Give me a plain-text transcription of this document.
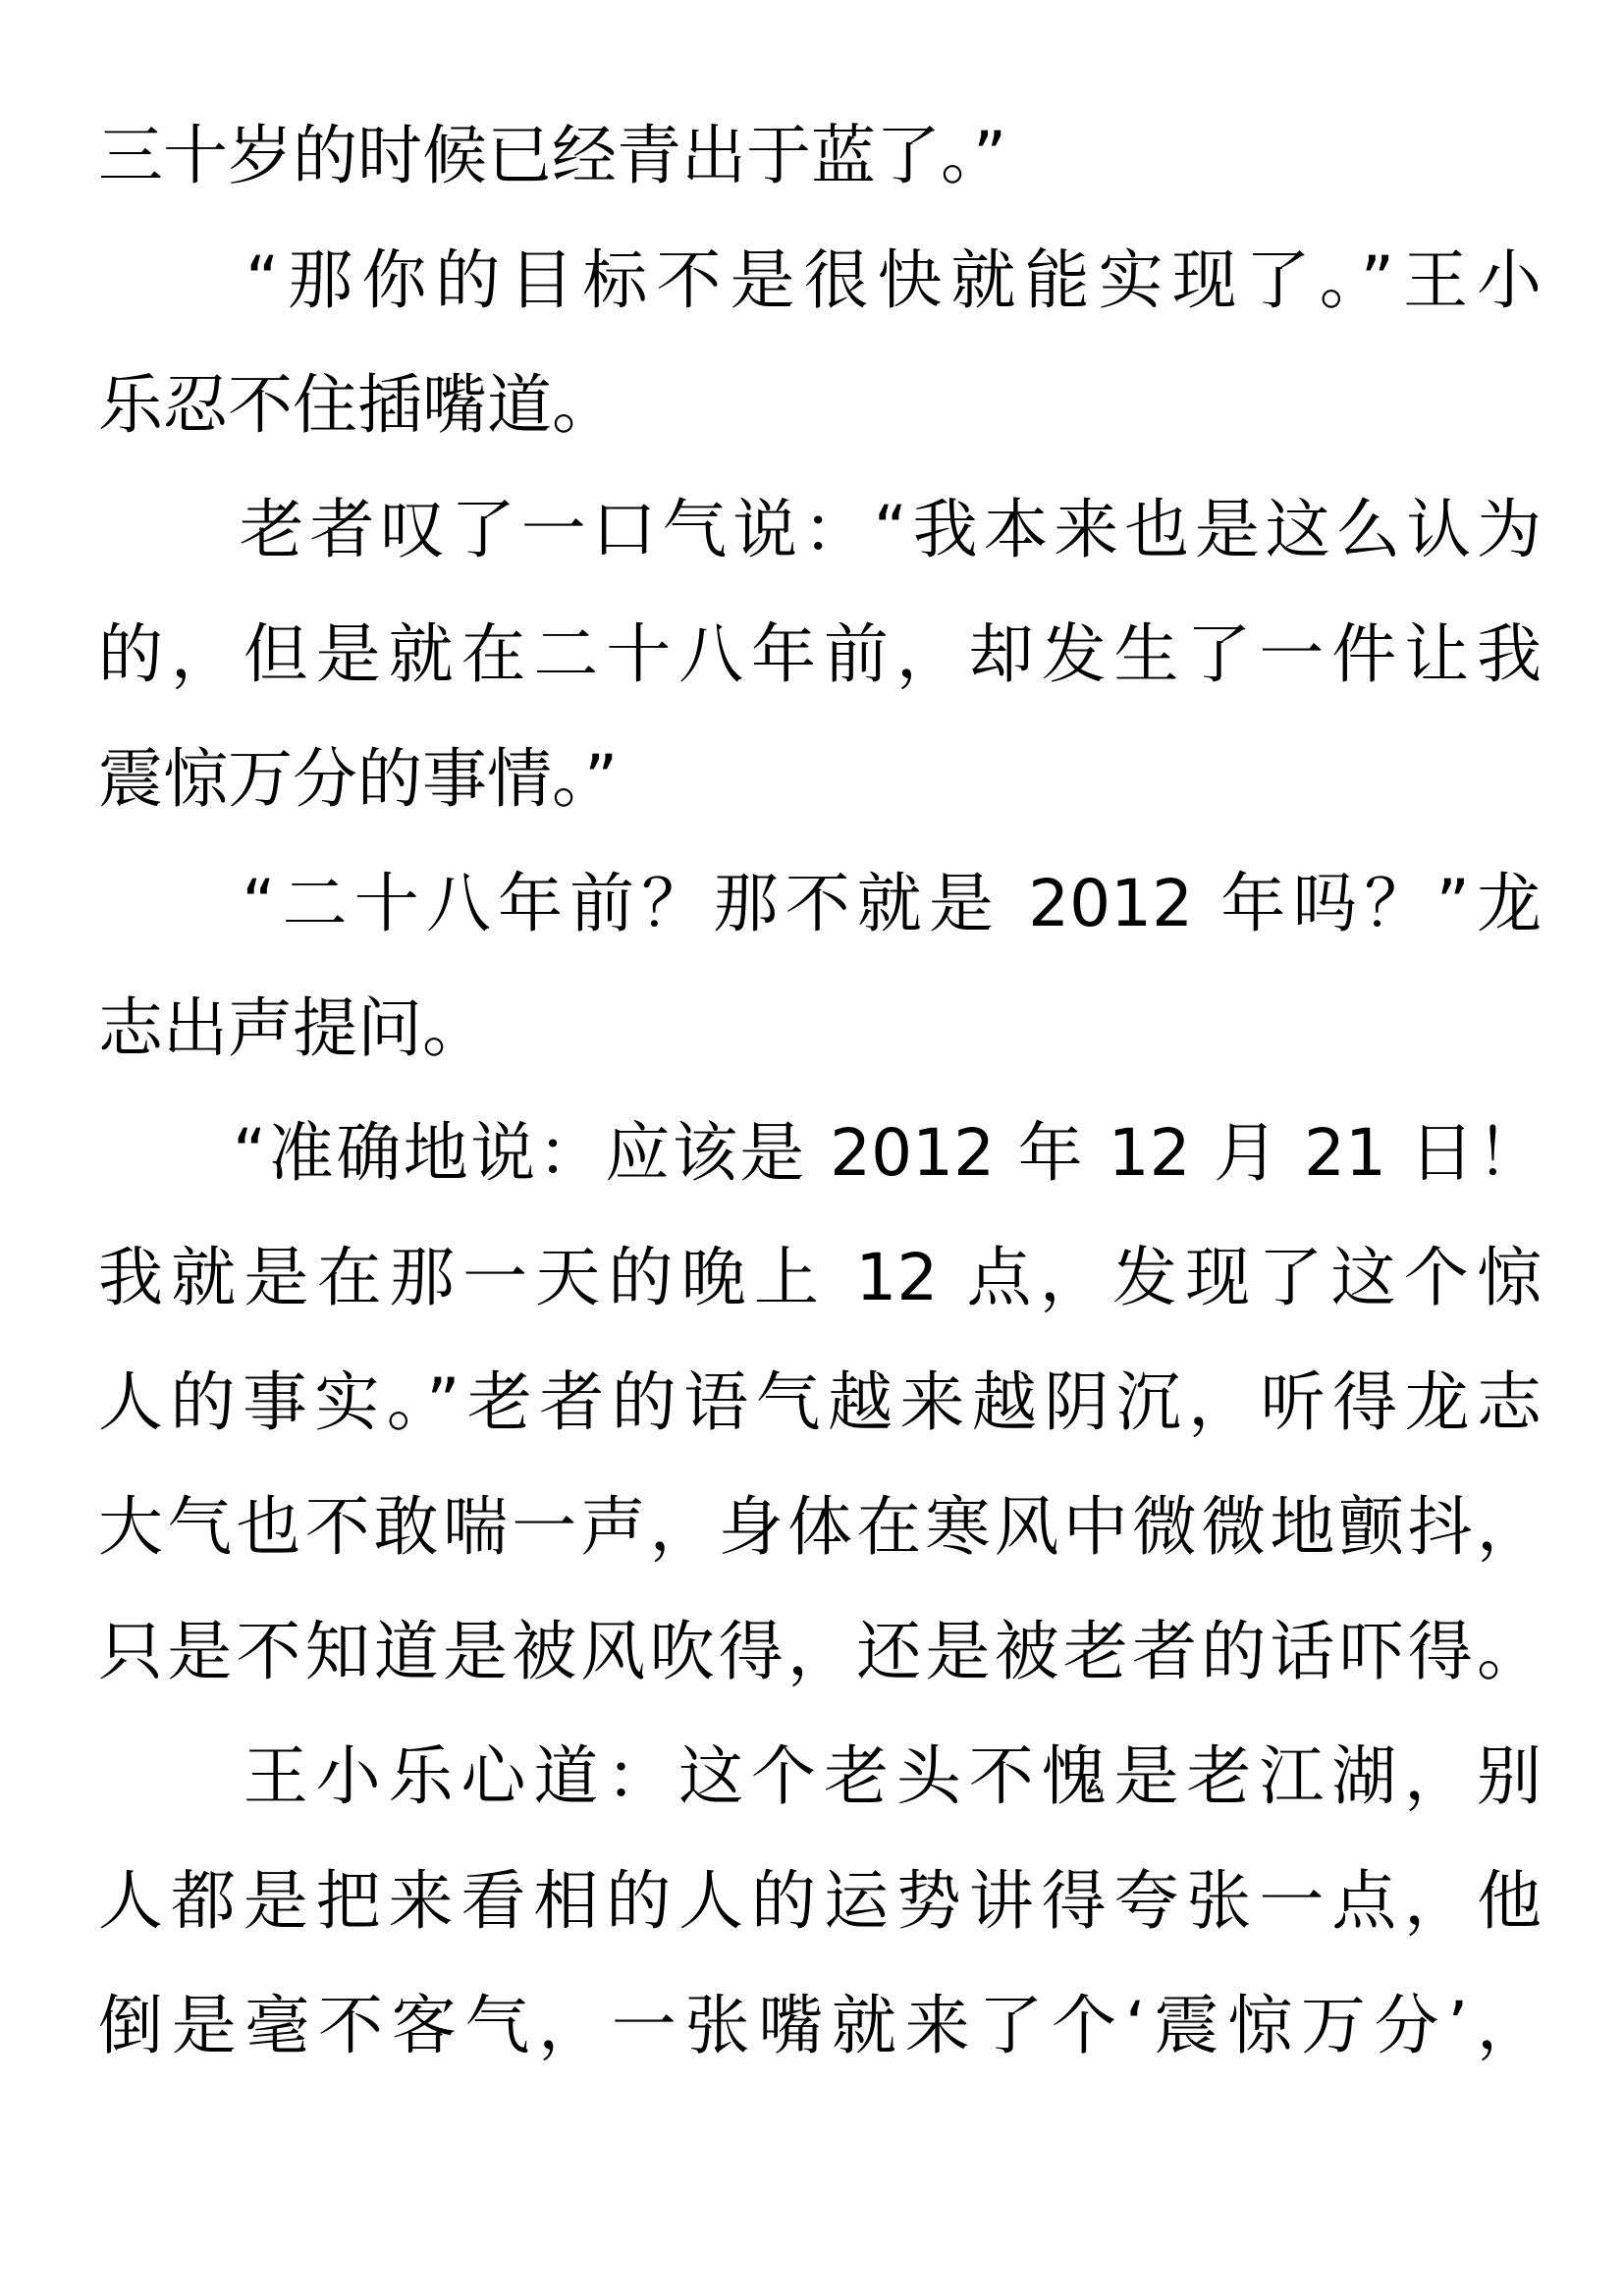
三十岁的时候已经青出于蓝了。”
　　“那你的目标不是很快就能实现了。”王小
乐忍不住插嘴道。
　　老者叹了一口气说：“我本来也是这么认为
的，但是就在二十八年前，却发生了一件让我
震惊万分的事情。”
　　“二十八年前？那不就是 2012 年吗？”龙
志出声提问。
　　“准确地说：应该是 2012 年 12 月 21 日！
我就是在那一天的晚上 12 点，发现了这个惊
人的事实。”老者的语气越来越阴沉，听得龙志
大气也不敢喘一声，身体在寒风中微微地颤抖，
只是不知道是被风吹得，还是被老者的话吓得。
　　王小乐心道：这个老头不愧是老江湖，别
人都是把来看相的人的运势讲得夸张一点，他
倒是毫不客气，一张嘴就来了个‘震惊万分’，
